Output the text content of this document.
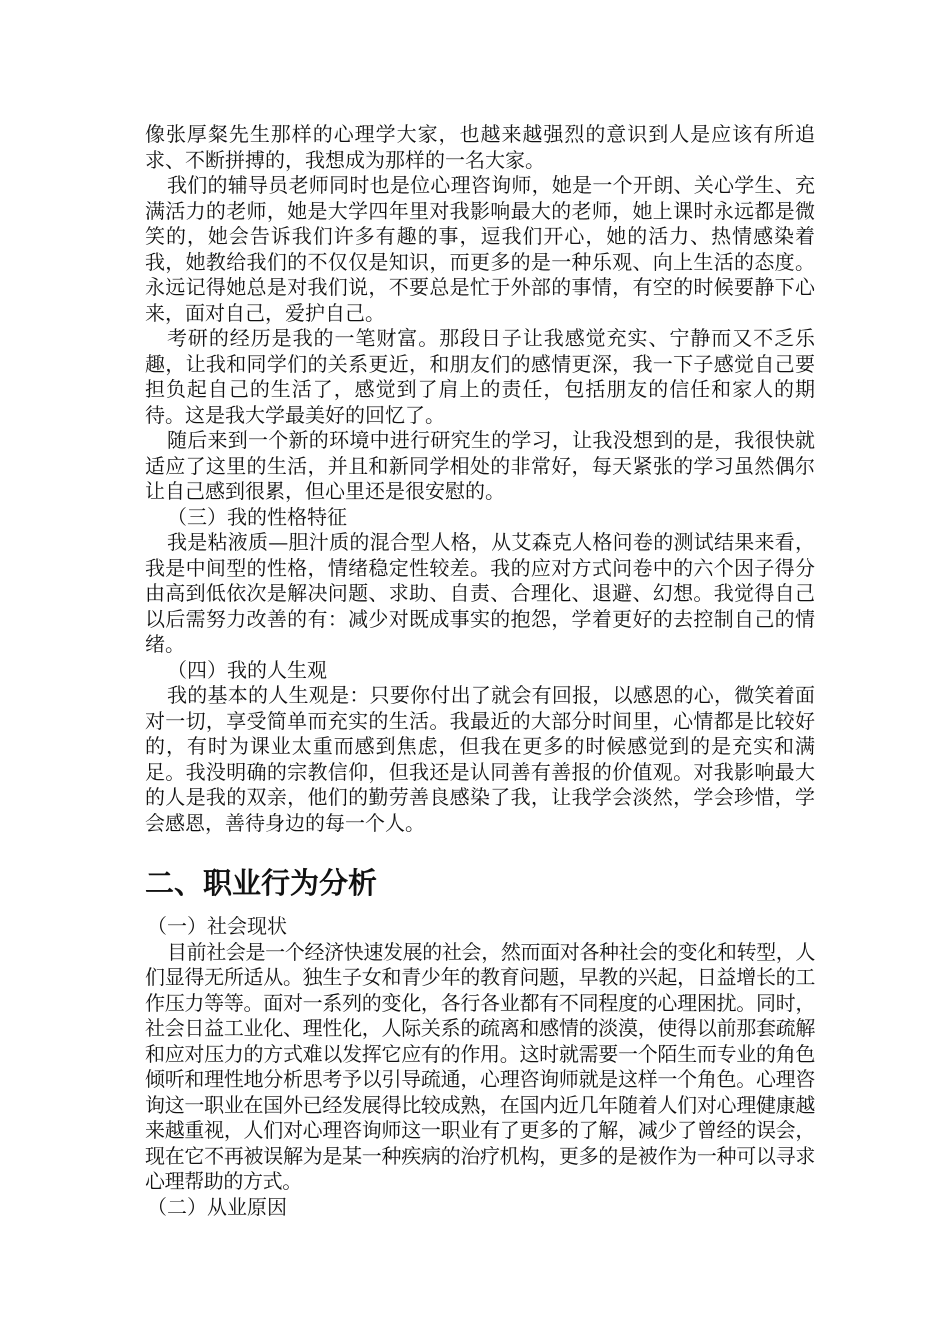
像张厚粲先生那样的心理学大家，也越来越强烈的意识到人是应该有所追求、不断拼搏的，我想成为那样的一名大家。

我们的辅导员老师同时也是位心理咨询师，她是一个开朗、关心学生、充满活力的老师，她是大学四年里对我影响最大的老师，她上课时永远都是微笑的，她会告诉我们许多有趣的事，逗我们开心，她的活力、热情感染着我，她教给我们的不仅仅是知识，而更多的是一种乐观、向上生活的态度。永远记得她总是对我们说，不要总是忙于外部的事情，有空的时候要静下心来，面对自己，爱护自己。

考研的经历是我的一笔财富。那段日子让我感觉充实、宁静而又不乏乐趣，让我和同学们的关系更近，和朋友们的感情更深，我一下子感觉自己要担负起自己的生活了，感觉到了肩上的责任，包括朋友的信任和家人的期待。这是我大学最美好的回忆了。

随后来到一个新的环境中进行研究生的学习，让我没想到的是，我很快就适应了这里的生活，并且和新同学相处的非常好，每天紧张的学习虽然偶尔让自己感到很累，但心里还是很安慰的。

（三）我的性格特征

我是粘液质—胆汁质的混合型人格，从艾森克人格问卷的测试结果来看，我是中间型的性格，情绪稳定性较差。我的应对方式问卷中的六个因子得分由高到低依次是解决问题、求助、自责、合理化、退避、幻想。我觉得自己以后需努力改善的有：减少对既成事实的抱怨，学着更好的去控制自己的情绪。

（四）我的人生观

我的基本的人生观是：只要你付出了就会有回报，以感恩的心，微笑着面对一切，享受简单而充实的生活。我最近的大部分时间里，心情都是比较好的，有时为课业太重而感到焦虑，但我在更多的时候感觉到的是充实和满足。我没明确的宗教信仰，但我还是认同善有善报的价值观。对我影响最大的人是我的双亲，他们的勤劳善良感染了我，让我学会淡然，学会珍惜，学会感恩，善待身边的每一个人。

二、职业行为分析

（一）社会现状

目前社会是一个经济快速发展的社会，然而面对各种社会的变化和转型，人们显得无所适从。独生子女和青少年的教育问题，早教的兴起，日益增长的工作压力等等。面对一系列的变化，各行各业都有不同程度的心理困扰。同时，社会日益工业化、理性化，人际关系的疏离和感情的淡漠，使得以前那套疏解和应对压力的方式难以发挥它应有的作用。这时就需要一个陌生而专业的角色倾听和理性地分析思考予以引导疏通，心理咨询师就是这样一个角色。心理咨询这一职业在国外已经发展得比较成熟，在国内近几年随着人们对心理健康越来越重视，人们对心理咨询师这一职业有了更多的了解，减少了曾经的误会，现在它不再被误解为是某一种疾病的治疗机构，更多的是被作为一种可以寻求心理帮助的方式。

（二）从业原因
